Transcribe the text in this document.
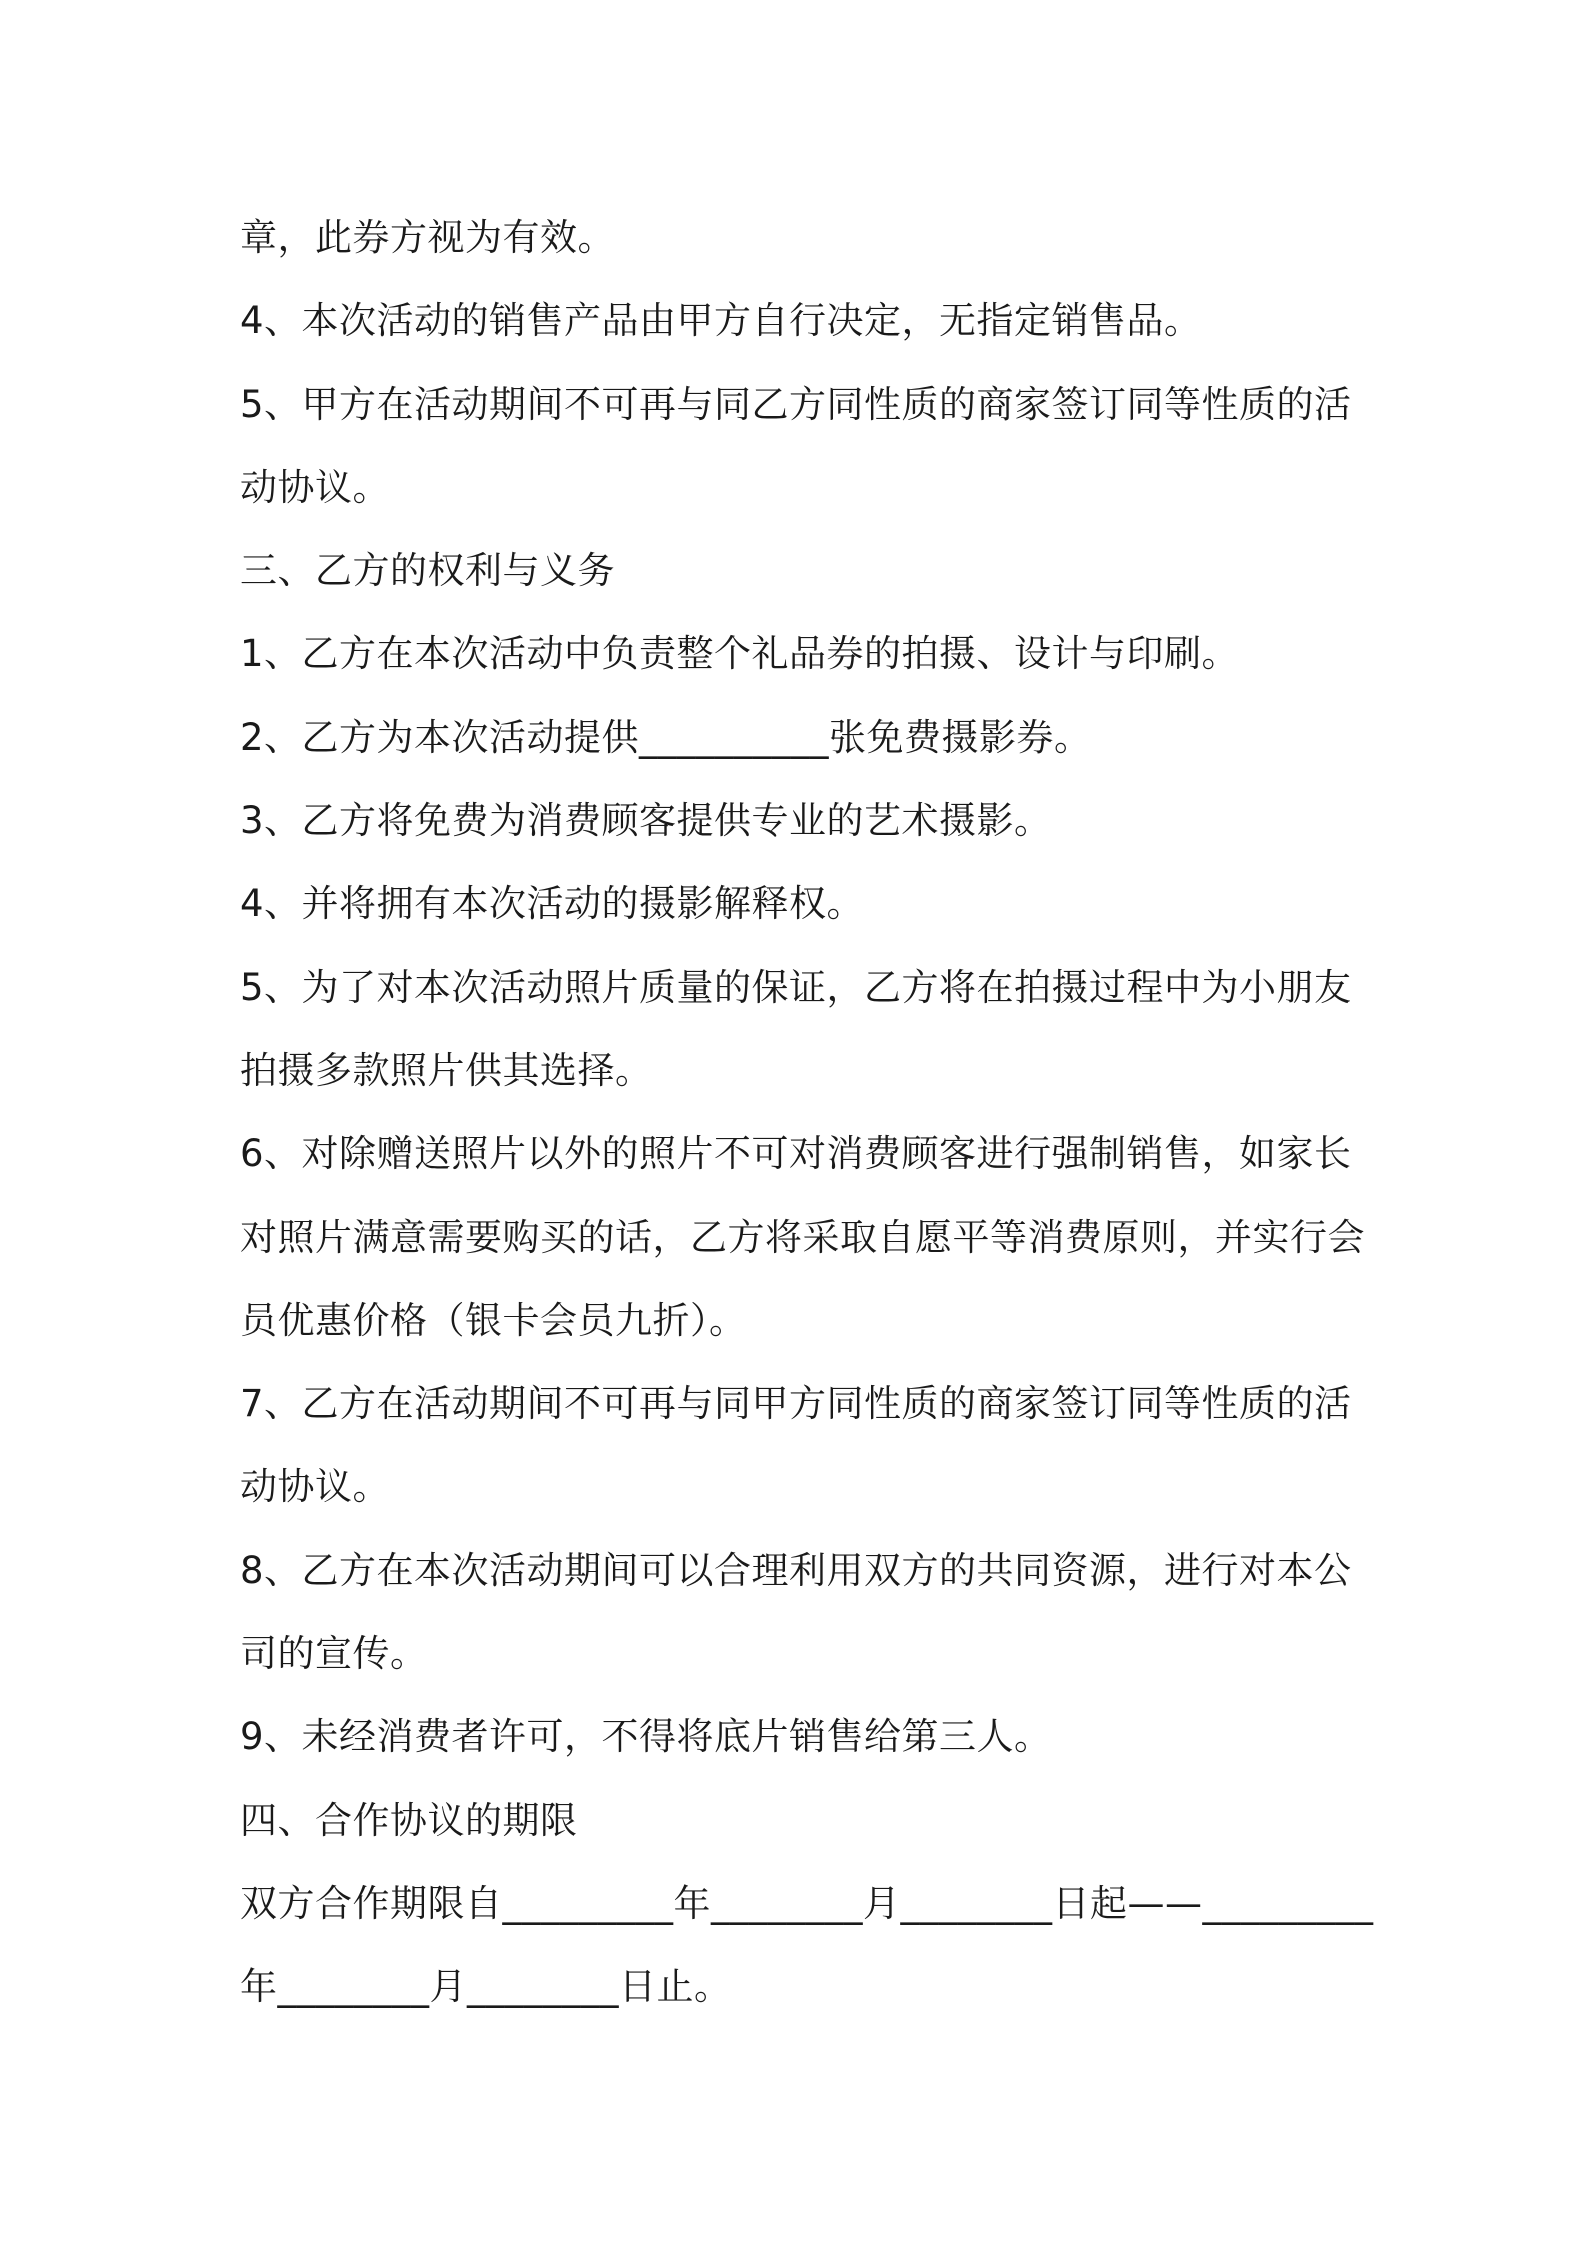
章，此券方视为有效。
4、本次活动的销售产品由甲方自行决定，无指定销售品。
5、甲方在活动期间不可再与同乙方同性质的商家签订同等性质的活
动协议。
三、乙方的权利与义务
1、乙方在本次活动中负责整个礼品券的拍摄、设计与印刷。
2、乙方为本次活动提供__________张免费摄影券。
3、乙方将免费为消费顾客提供专业的艺术摄影。
4、并将拥有本次活动的摄影解释权。
5、为了对本次活动照片质量的保证，乙方将在拍摄过程中为小朋友
拍摄多款照片供其选择。
6、对除赠送照片以外的照片不可对消费顾客进行强制销售，如家长
对照片满意需要购买的话，乙方将采取自愿平等消费原则，并实行会
员优惠价格（银卡会员九折）。
7、乙方在活动期间不可再与同甲方同性质的商家签订同等性质的活
动协议。
8、乙方在本次活动期间可以合理利用双方的共同资源，进行对本公
司的宣传。
9、未经消费者许可，不得将底片销售给第三人。
四、合作协议的期限
双方合作期限自_________年________月________日起——_________
年________月________日止。
